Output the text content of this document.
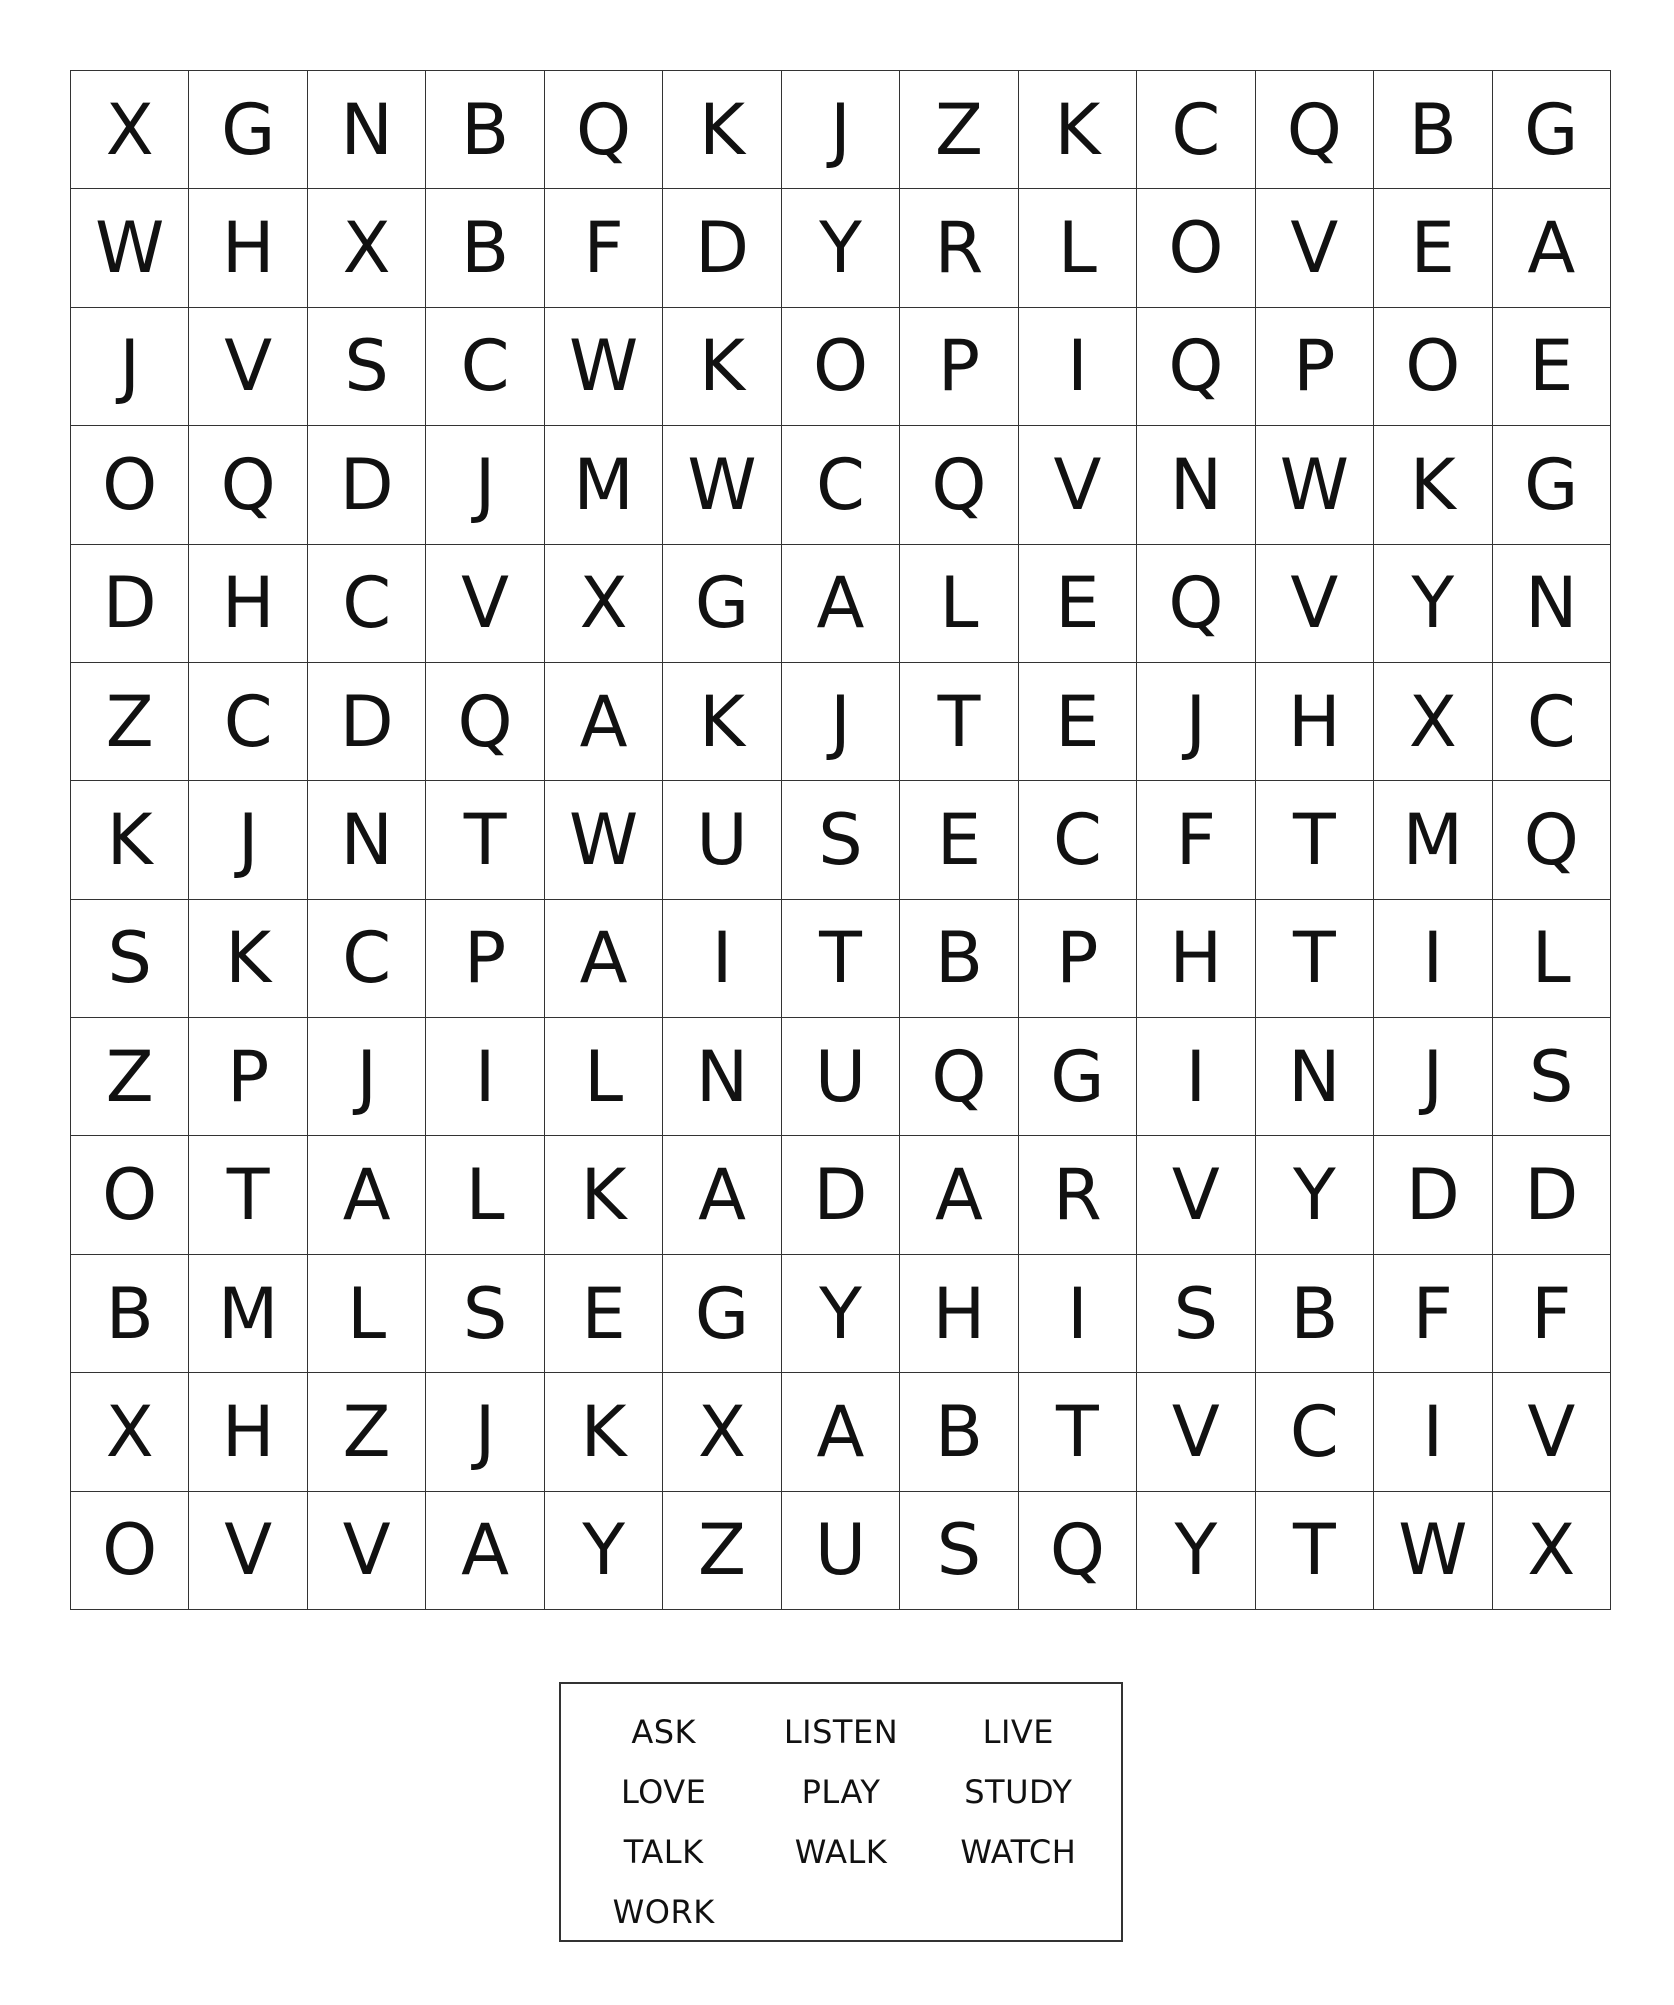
X G N B Q K	J	Z	K	C Q B G
W H X	B	F	D	Y	R	L	O V	E	A
J	V	S	C W K O P	I	Q P O E
O Q D	J	M W C Q V N W K G
D H C	V	X G A	L	E Q V	Y	N
Z	C D Q A	K	J	T	E	J	H X	C
K	J	N	T W U	S	E	C	F	T M Q
S	K	C	P	A	I	T	B	P	H	T	I	L
Z	P	J	I	L	N U Q G	I	N	J	S
O T	A	L	K	A D A	R	V	Y	D D
B M L	S	E G Y	H	I	S	B	F	F
X H Z	J	K	X	A	B	T	V	C	I	V
O V	V	A	Y	Z U	S Q Y	T W X
ASK	LISTEN	LIVE
LOVE	PLAY	STUDY
TALK	WALK	WATCH
WORK
